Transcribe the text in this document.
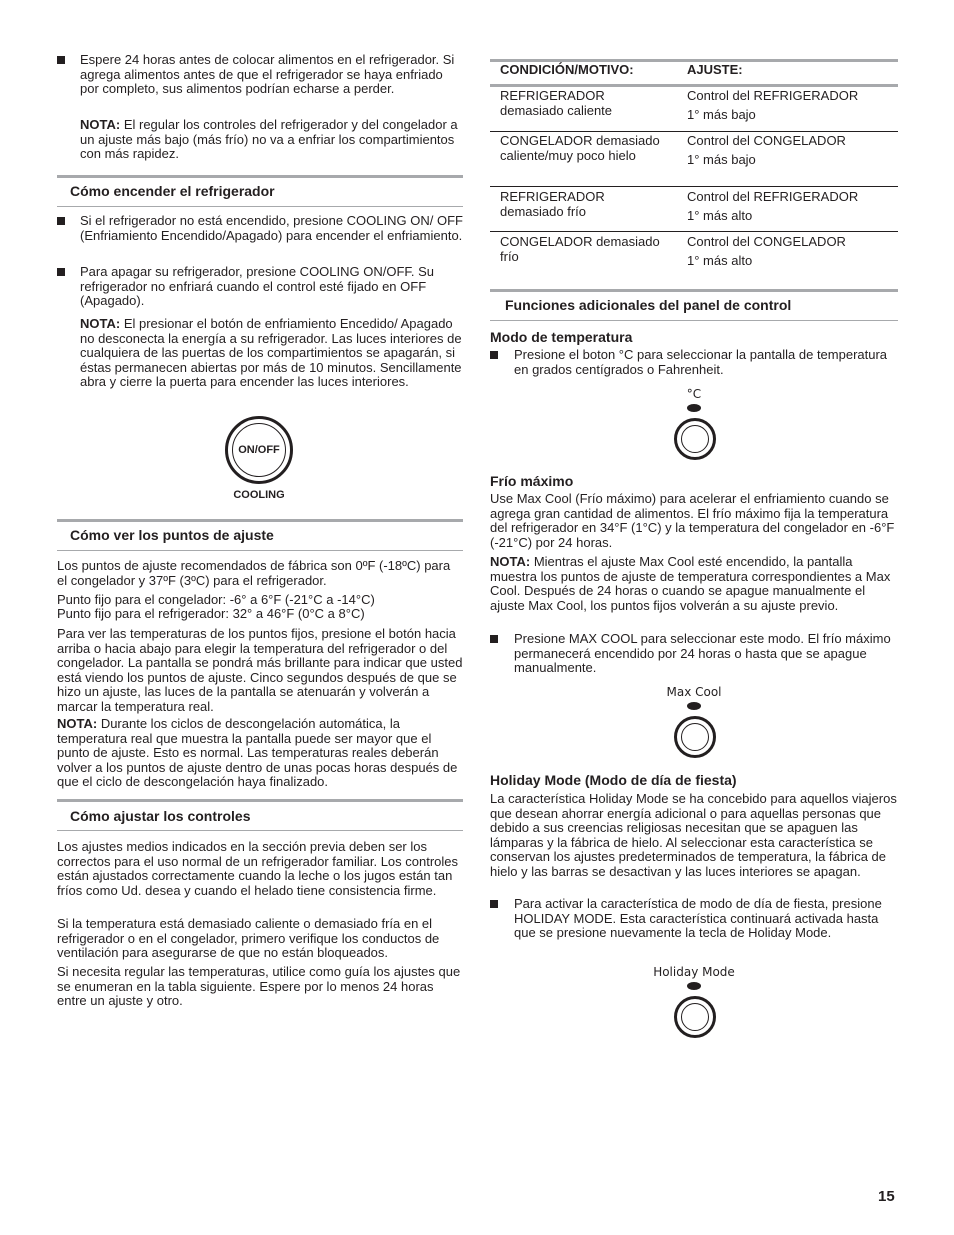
Espere 24 horas antes de colocar alimentos en el refrigerador. Si agrega alimentos antes de que el refrigerador se haya enfriado por completo, sus alimentos podrían echarse a perder.

NOTA: El regular los controles del refrigerador y del congelador a un ajuste más bajo (más frío) no va a enfriar los compartimientos con más rapidez.

Cómo encender el refrigerador
Si el refrigerador no está encendido, presione COOLING ON/ OFF (Enfriamiento Encendido/Apagado) para encender el enfriamiento.
Para apagar su refrigerador, presione COOLING ON/OFF. Su refrigerador no enfriará cuando el control esté fijado en OFF (Apagado).

NOTA: El presionar el botón de enfriamiento Encedido/ Apagado no desconecta la energía a su refrigerador. Las luces interiores de cualquiera de las puertas de los compartimientos se apagarán, si éstas permanecen abiertas por más de 10 minutos. Sencillamente abra y cierre la puerta para encender las luces interiores.

ON/OFF
COOLING
Cómo ver los puntos de ajuste

Los puntos de ajuste recomendados de fábrica son 0ºF (-18ºC) para el congelador y 37ºF (3ºC) para el refrigerador.

Punto fijo para el congelador: -6° a 6°F (-21°C a -14°C)

Punto fijo para el refrigerador: 32° a 46°F (0°C a 8°C)

Para ver las temperaturas de los puntos fijos, presione el botón hacia arriba o hacia abajo para elegir la temperatura del refrigerador o del congelador. La pantalla se pondrá más brillante para indicar que usted está viendo los puntos de ajuste. Cinco segundos después de que se hizo un ajuste, las luces de la pantalla se atenuarán y volverán a marcar la temperatura real.

NOTA: Durante los ciclos de descongelación automática, la temperatura real que muestra la pantalla puede ser mayor que el punto de ajuste. Esto es normal. Las temperaturas reales deberán volver a los puntos de ajuste dentro de unas pocas horas después de que el ciclo de descongelación haya finalizado.

Cómo ajustar los controles

Los ajustes medios indicados en la sección previa deben ser los correctos para el uso normal de un refrigerador familiar. Los controles están ajustados correctamente cuando la leche o los jugos están tan fríos como Ud. desea y cuando el helado tiene consistencia firme.

Si la temperatura está demasiado caliente o demasiado fría en el refrigerador o en el congelador, primero verifique los conductos de ventilación para asegurarse de que no están bloqueados.

Si necesita regular las temperaturas, utilice como guía los ajustes que se enumeran en la tabla siguiente. Espere por lo menos 24 horas entre un ajuste y otro.

CONDICIÓN/MOTIVO:	AJUSTE:
REFRIGERADOR demasiado caliente
Control del REFRIGERADOR
1° más bajo
CONGELADOR demasiado caliente/muy poco hielo
Control del CONGELADOR
1° más bajo
REFRIGERADOR demasiado frío
Control del REFRIGERADOR
1° más alto
CONGELADOR demasiado frío
Control del CONGELADOR
1° más alto
Funciones adicionales del panel de control
Modo de temperatura
Presione el boton °C para seleccionar la pantalla de temperatura en grados centígrados o Fahrenheit.
°C
Frío máximo

Use Max Cool (Frío máximo) para acelerar el enfriamiento cuando se agrega gran cantidad de alimentos. El frío máximo fija la temperatura del refrigerador en 34°F (1°C) y la temperatura del congelador en -6°F (-21°C) por 24 horas.

NOTA: Mientras el ajuste Max Cool esté encendido, la pantalla muestra los puntos de ajuste de temperatura correspondientes a Max Cool. Después de 24 horas o cuando se apague manualmente el ajuste Max Cool, los puntos fijos volverán a su ajuste previo.

Presione MAX COOL para seleccionar este modo. El frío máximo permanecerá encendido por 24 horas o hasta que se apague manualmente.
Max Cool
Holiday Mode (Modo de día de fiesta)

La característica Holiday Mode se ha concebido para aquellos viajeros que desean ahorrar energía adicional o para aquellas personas que debido a sus creencias religiosas necesitan que se apaguen las lámparas y la fábrica de hielo. Al seleccionar esta característica se conservan los ajustes predeterminados de temperatura, la fábrica de hielo y las barras se desactivan y las luces interiores se apagan.

Para activar la característica de modo de día de fiesta, presione HOLIDAY MODE. Esta característica continuará activada hasta que se presione nuevamente la tecla de Holiday Mode.
Holiday Mode
15
